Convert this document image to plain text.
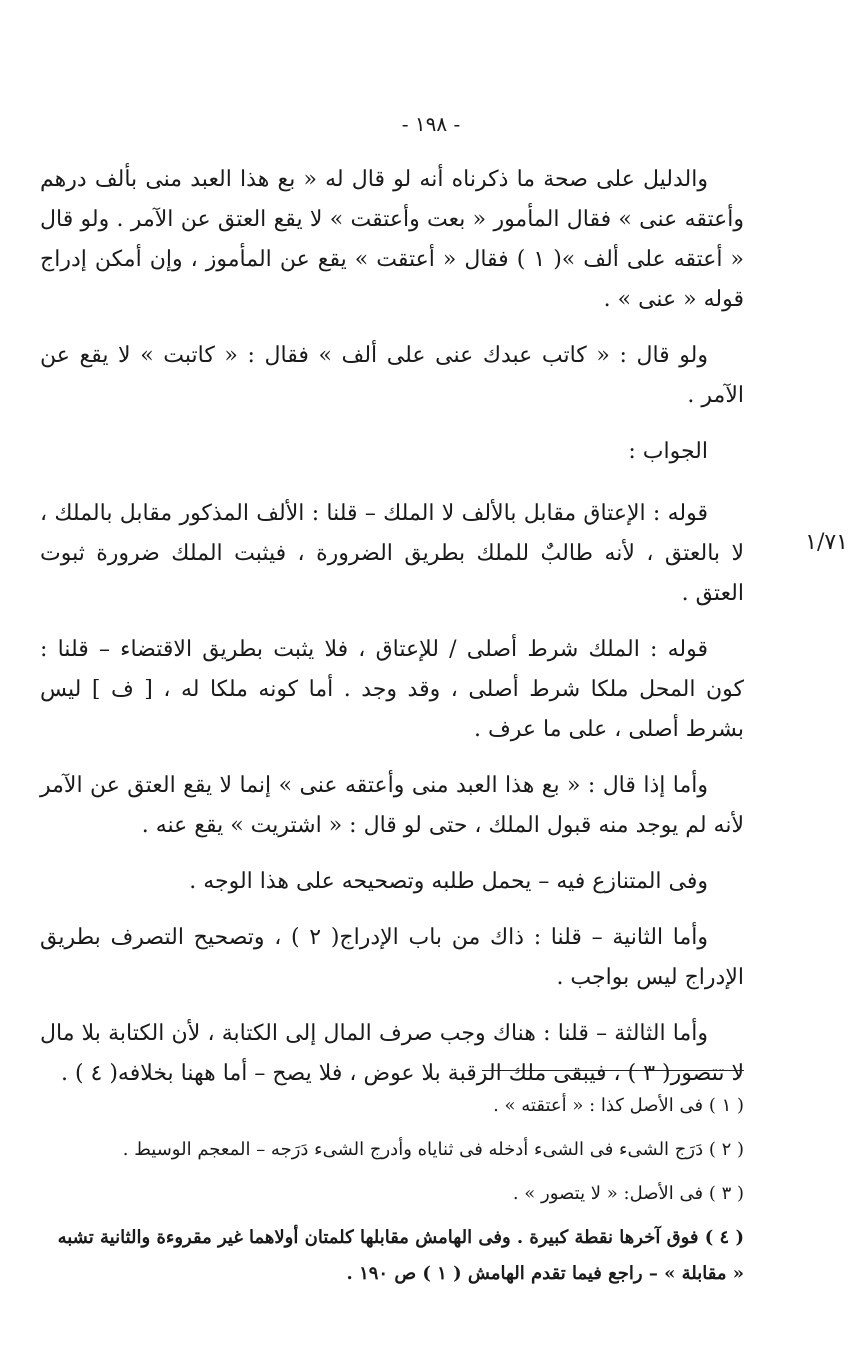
- ١٩٨ -
١/٧١

والدليل على صحة ما ذكرناه أنه لو قال له « بع هذا العبد منى بألف درهم وأعتقه عنى » فقال المأمور « بعت وأعتقت » لا يقع العتق عن الآمر . ولو قال « أعتقه على ألف »( ١ ) فقال « أعتقت » يقع عن المأموز ، وإن أمكن إدراج قوله « عنى » .

ولو قال : « كاتب عبدك عنى على ألف » فقال : « كاتبت » لا يقع عن الآمر .

الجواب :

قوله : الإعتاق مقابل بالألف لا الملك – قلنا : الألف المذكور مقابل بالملك ، لا بالعتق ، لأنه طالبٌ للملك بطريق الضرورة ، فيثبت الملك ضرورة ثبوت العتق .

قوله : الملك شرط أصلى / للإعتاق ، فلا يثبت بطريق الاقتضاء – قلنا : كون المحل ملكا شرط أصلى ، وقد وجد . أما كونه ملكا له ، [ ف ] ليس بشرط أصلى ، على ما عرف .

وأما إذا قال : « بع هذا العبد منى وأعتقه عنى » إنما لا يقع العتق عن الآمر لأنه لم يوجد منه قبول الملك ، حتى لو قال : « اشتريت » يقع عنه .

وفى المتنازع فيه – يحمل طلبه وتصحيحه على هذا الوجه .

وأما الثانية – قلنا : ذاك من باب الإدراج( ٢ ) ، وتصحيح التصرف بطريق الإدراج ليس بواجب .

وأما الثالثة – قلنا : هناك وجب صرف المال إلى الكتابة ، لأن الكتابة بلا مال لا تتصور( ٣ ) ، فيبقى ملك الرقبة بلا عوض ، فلا يصح – أما ههنا بخلافه( ٤ ) .

( ١ ) فى الأصل كذا : « أعتقته » .

( ٢ ) دَرَج الشىء فى الشىء أدخله فى ثناياه وأدرج الشىء دَرَجه – المعجم الوسيط .

( ٣ ) فى الأصل: « لا يتصور » .

( ٤ ) فوق آخرها نقطة كبيرة . وفى الهامش مقابلها كلمتان أولاهما غير مقروءة والثانية تشبه

« مقابلة » – راجع فيما تقدم الهامش ( ١ ) ص ١٩٠ .
